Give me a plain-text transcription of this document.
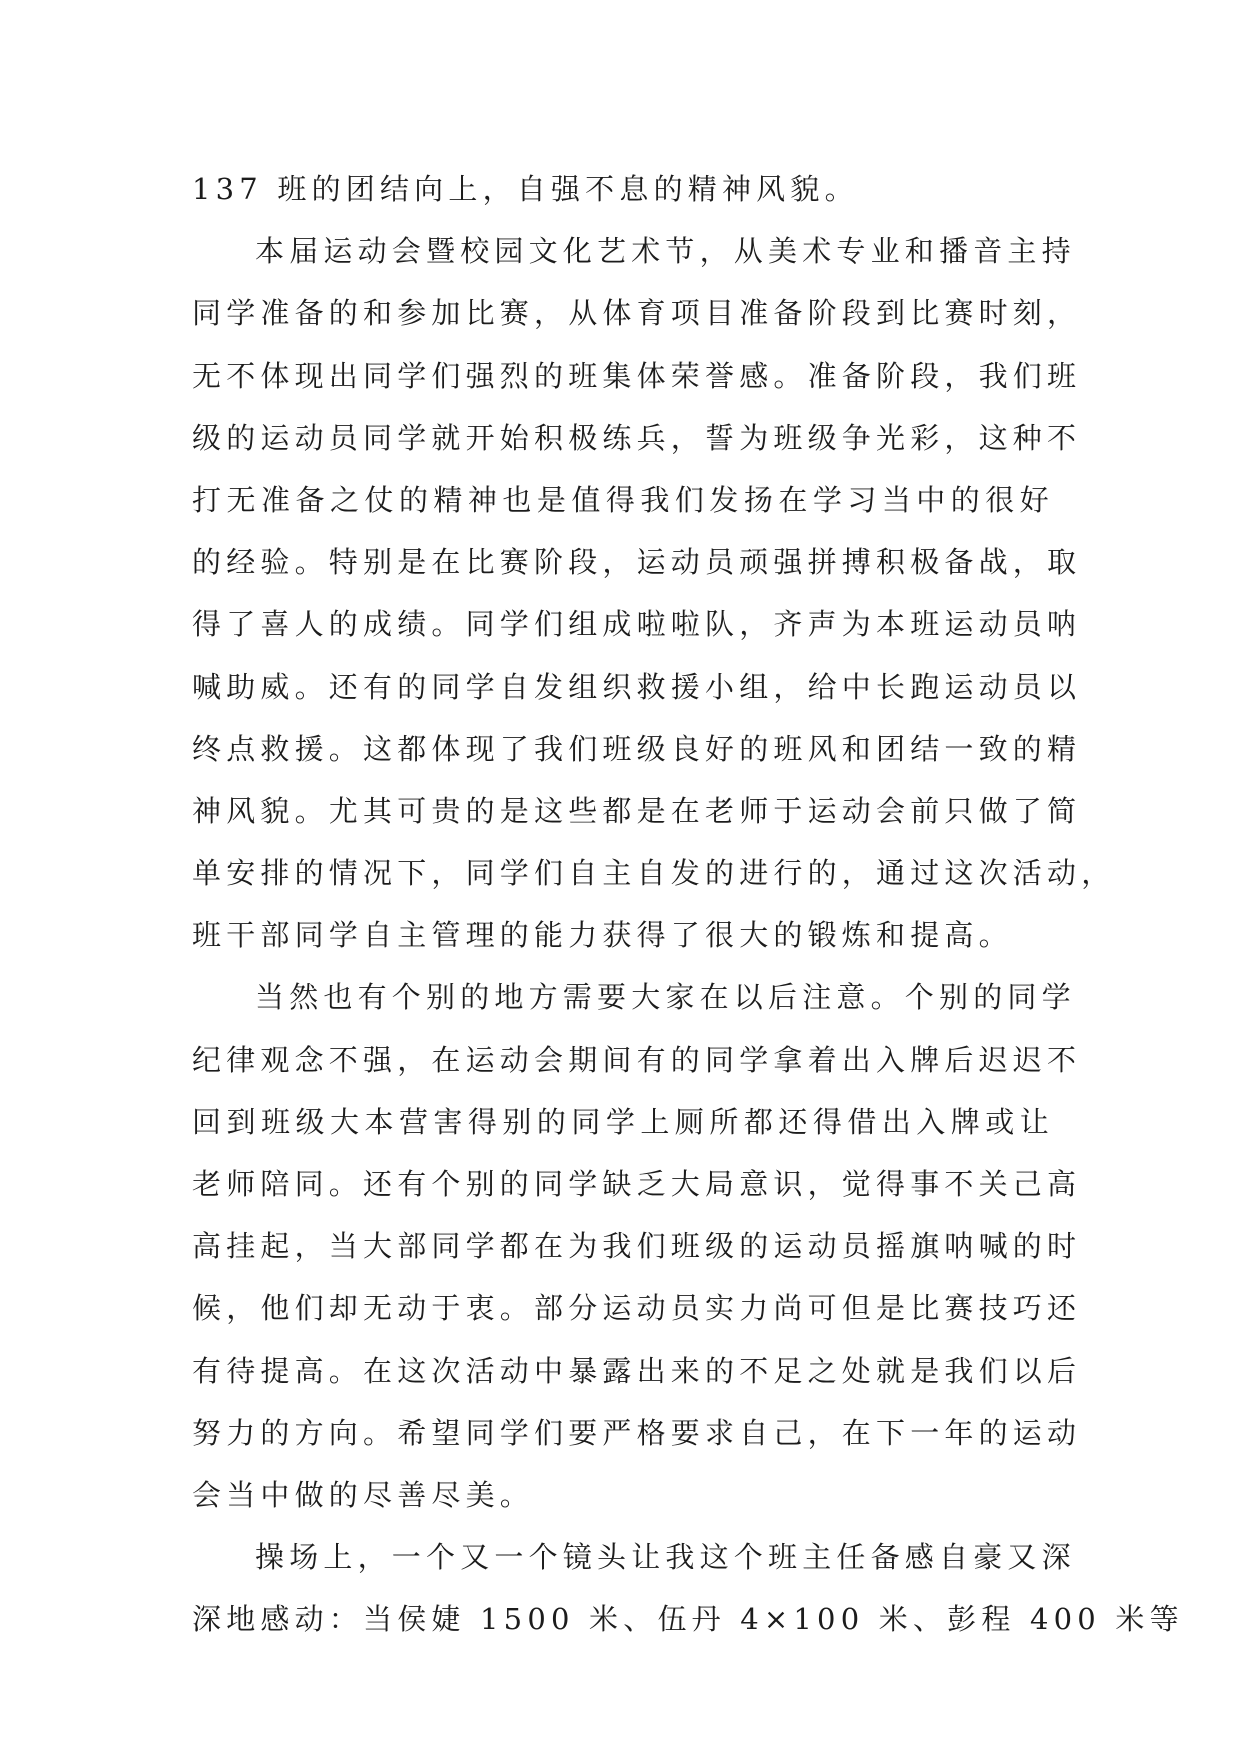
137 班的团结向上，自强不息的精神风貌。
本届运动会暨校园文化艺术节，从美术专业和播音主持
同学准备的和参加比赛，从体育项目准备阶段到比赛时刻，
无不体现出同学们强烈的班集体荣誉感。准备阶段，我们班
级的运动员同学就开始积极练兵，誓为班级争光彩，这种不
打无准备之仗的精神也是值得我们发扬在学习当中的很好
的经验。特别是在比赛阶段，运动员顽强拼搏积极备战，取
得了喜人的成绩。同学们组成啦啦队，齐声为本班运动员呐
喊助威。还有的同学自发组织救援小组，给中长跑运动员以
终点救援。这都体现了我们班级良好的班风和团结一致的精
神风貌。尤其可贵的是这些都是在老师于运动会前只做了简
单安排的情况下，同学们自主自发的进行的，通过这次活动，
班干部同学自主管理的能力获得了很大的锻炼和提高。
当然也有个别的地方需要大家在以后注意。个别的同学
纪律观念不强，在运动会期间有的同学拿着出入牌后迟迟不
回到班级大本营害得别的同学上厕所都还得借出入牌或让
老师陪同。还有个别的同学缺乏大局意识，觉得事不关己高
高挂起，当大部同学都在为我们班级的运动员摇旗呐喊的时
候，他们却无动于衷。部分运动员实力尚可但是比赛技巧还
有待提高。在这次活动中暴露出来的不足之处就是我们以后
努力的方向。希望同学们要严格要求自己，在下一年的运动
会当中做的尽善尽美。
操场上，一个又一个镜头让我这个班主任备感自豪又深
深地感动：当侯婕 1500 米、伍丹 4×100 米、彭程 400 米等
